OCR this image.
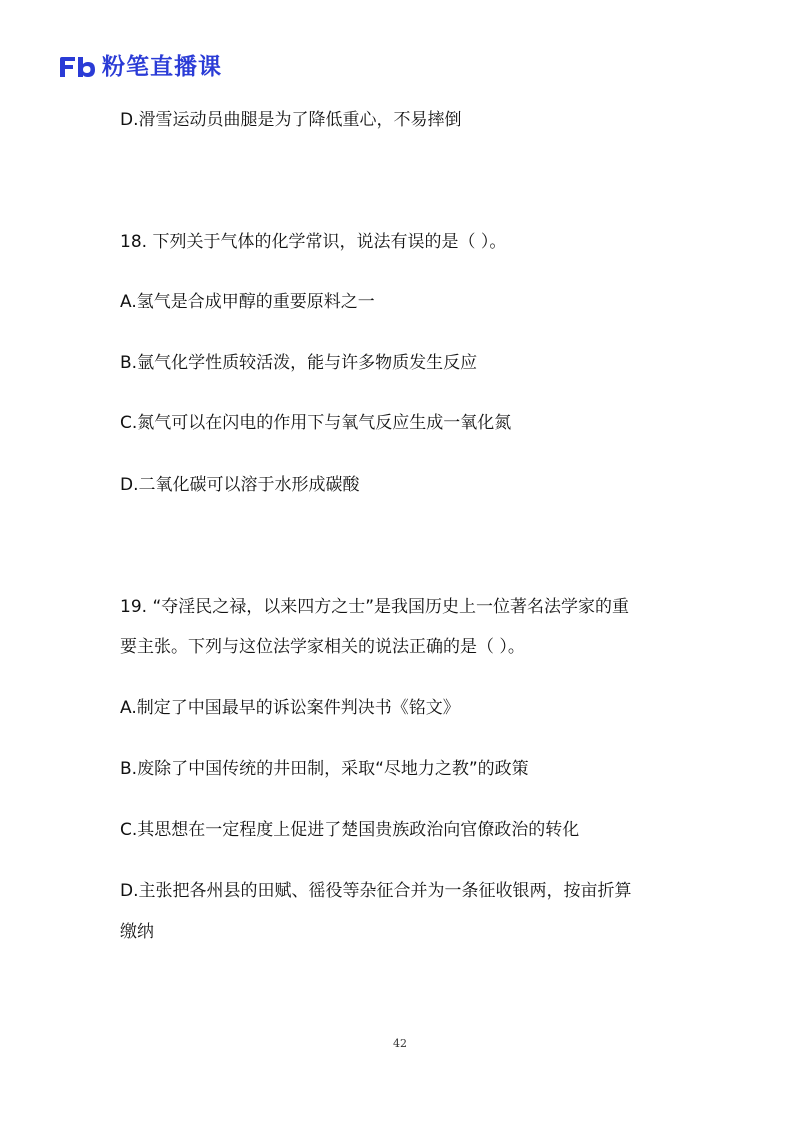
粉笔直播课
D.滑雪运动员曲腿是为了降低重心，不易摔倒
18. 下列关于气体的化学常识，说法有误的是（ ）。
A.氢气是合成甲醇的重要原料之一
B.氩气化学性质较活泼，能与许多物质发生反应
C.氮气可以在闪电的作用下与氧气反应生成一氧化氮
D.二氧化碳可以溶于水形成碳酸
19. “夺淫民之禄，以来四方之士”是我国历史上一位著名法学家的重
要主张。下列与这位法学家相关的说法正确的是（ ）。
A.制定了中国最早的诉讼案件判决书《铭文》
B.废除了中国传统的井田制，采取“尽地力之教”的政策
C.其思想在一定程度上促进了楚国贵族政治向官僚政治的转化
D.主张把各州县的田赋、徭役等杂征合并为一条征收银两，按亩折算
缴纳
42
